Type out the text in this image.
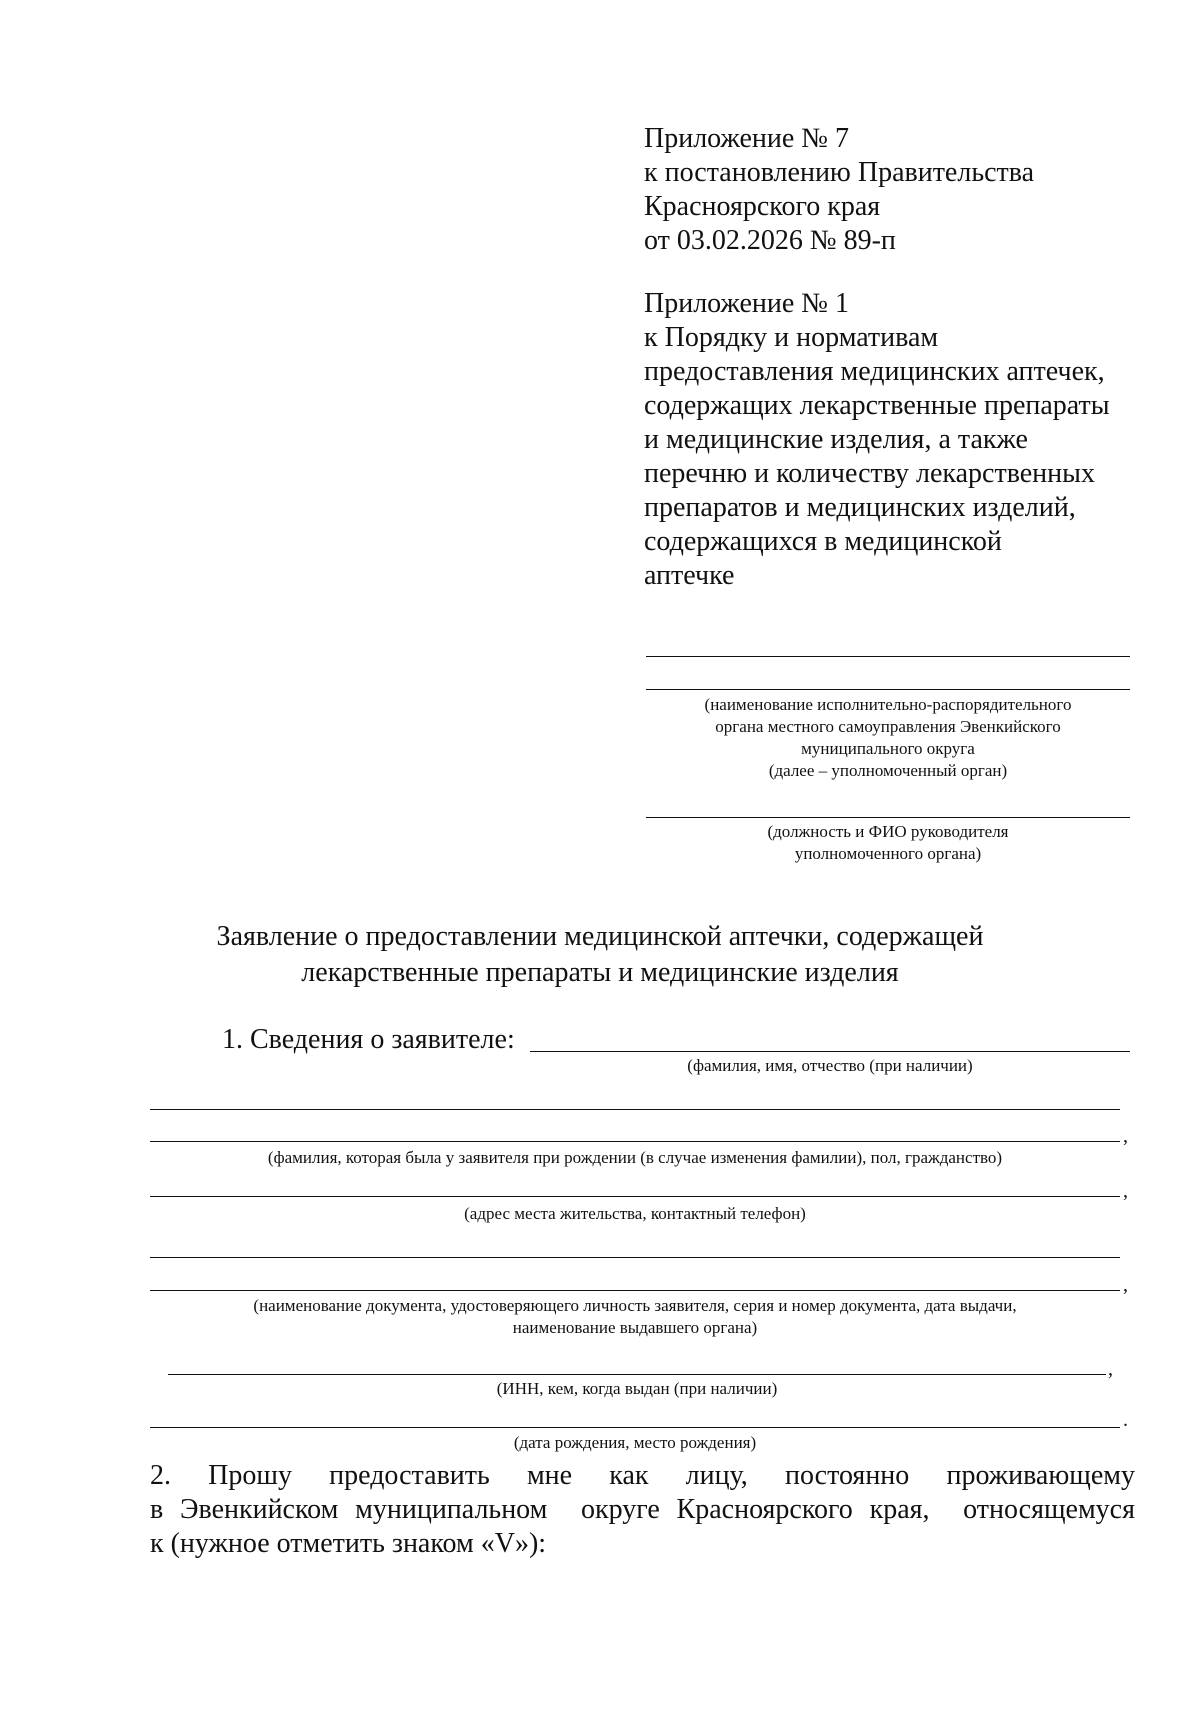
Приложение № 7
к постановлению Правительства
Красноярского края
от 03.02.2026 № 89-п
Приложение № 1
к Порядку и нормативам
предоставления медицинских аптечек,
содержащих лекарственные препараты
и медицинские изделия, а также
перечню и количеству лекарственных
препаратов и медицинских изделий,
содержащихся в медицинской
аптечке
(наименование исполнительно-распорядительного
органа местного самоуправления Эвенкийского
муниципального округа
(далее – уполномоченный орган)
(должность и ФИО руководителя
уполномоченного органа)
Заявление о предоставлении медицинской аптечки, содержащей
лекарственные препараты и медицинские изделия
1. Сведения о заявителе:
(фамилия, имя, отчество (при наличии)
,
(фамилия, которая была у заявителя при рождении (в случае изменения фамилии), пол, гражданство)
,
(адрес места жительства, контактный телефон)
,
(наименование документа, удостоверяющего личность заявителя, серия и номер документа, дата выдачи,
наименование выдавшего органа)
,
(ИНН, кем, когда выдан (при наличии)
.
(дата рождения, место рождения)
2.  Прошу  предоставить  мне  как  лицу,  постоянно  проживающему
в Эвенкийском муниципальном  округе Красноярского края,  относящемуся
к (нужное отметить знаком «V»):
